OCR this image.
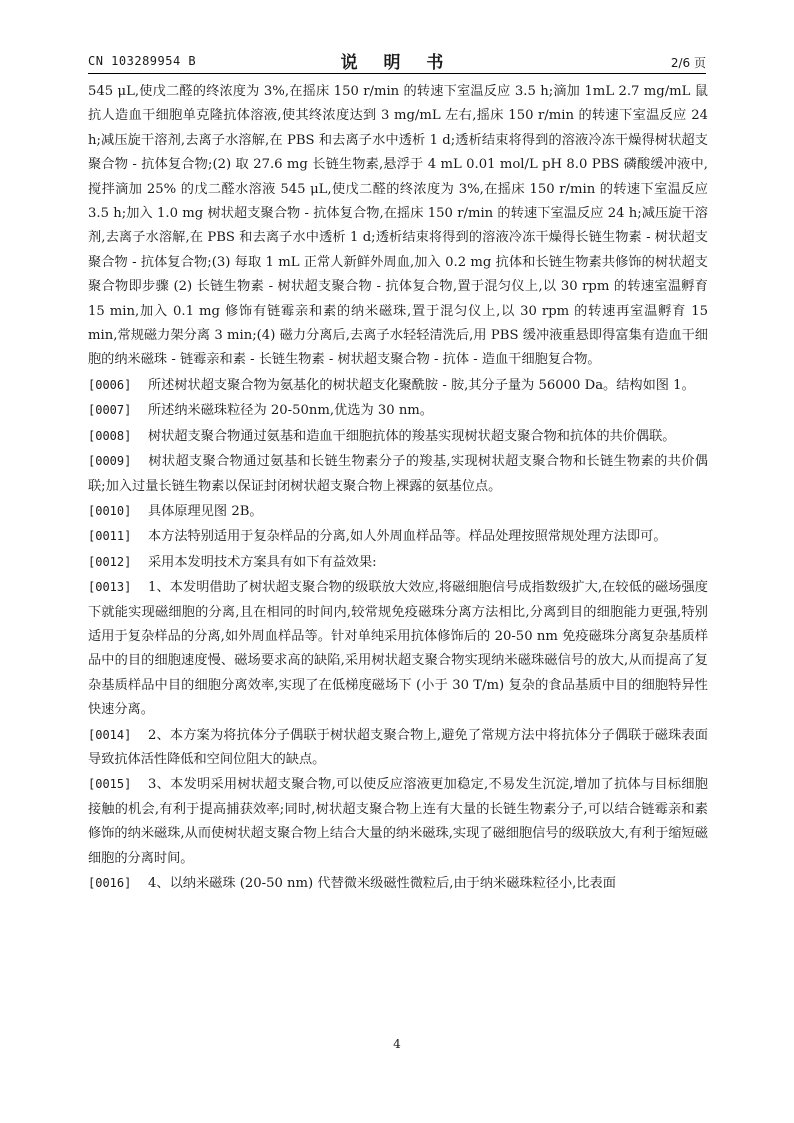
CN 103289954 B	说 明 书	2/6 页

545 μL,使戊二醛的终浓度为 3%,在摇床 150 r/min 的转速下室温反应 3.5 h;滴加 1mL 2.7 mg/mL 鼠抗人造血干细胞单克隆抗体溶液,使其终浓度达到 3 mg/mL 左右,摇床 150 r/min 的转速下室温反应 24 h;减压旋干溶剂,去离子水溶解,在 PBS 和去离子水中透析 1 d;透析结束将得到的溶液冷冻干燥得树状超支聚合物 - 抗体复合物;(2) 取 27.6 mg 长链生物素,悬浮于 4 mL 0.01 mol/L pH 8.0 PBS 磷酸缓冲液中,搅拌滴加 25% 的戊二醛水溶液 545 μL,使戊二醛的终浓度为 3%,在摇床 150 r/min 的转速下室温反应 3.5 h;加入 1.0 mg 树状超支聚合物 - 抗体复合物,在摇床 150 r/min 的转速下室温反应 24 h;减压旋干溶剂,去离子水溶解,在 PBS 和去离子水中透析 1 d;透析结束将得到的溶液冷冻干燥得长链生物素 - 树状超支聚合物 - 抗体复合物;(3) 每取 1 mL 正常人新鲜外周血,加入 0.2 mg 抗体和长链生物素共修饰的树状超支聚合物即步骤 (2) 长链生物素 - 树状超支聚合物 - 抗体复合物,置于混匀仪上,以 30 rpm 的转速室温孵育 15 min,加入 0.1 mg 修饰有链霉亲和素的纳米磁珠,置于混匀仪上,以 30 rpm 的转速再室温孵育 15 min,常规磁力架分离 3 min;(4) 磁力分离后,去离子水轻轻清洗后,用 PBS 缓冲液重悬即得富集有造血干细胞的纳米磁珠 - 链霉亲和素 - 长链生物素 - 树状超支聚合物 - 抗体 - 造血干细胞复合物。

[0006] 所述树状超支聚合物为氨基化的树状超支化聚酰胺 - 胺,其分子量为 56000 Da。结构如图 1。

[0007] 所述纳米磁珠粒径为 20-50nm,优选为 30 nm。

[0008] 树状超支聚合物通过氨基和造血干细胞抗体的羧基实现树状超支聚合物和抗体的共价偶联。

[0009] 树状超支聚合物通过氨基和长链生物素分子的羧基,实现树状超支聚合物和长链生物素的共价偶联;加入过量长链生物素以保证封闭树状超支聚合物上裸露的氨基位点。

[0010] 具体原理见图 2B。

[0011] 本方法特别适用于复杂样品的分离,如人外周血样品等。样品处理按照常规处理方法即可。

[0012] 采用本发明技术方案具有如下有益效果:

[0013] 1、本发明借助了树状超支聚合物的级联放大效应,将磁细胞信号成指数级扩大,在较低的磁场强度下就能实现磁细胞的分离,且在相同的时间内,较常规免疫磁珠分离方法相比,分离到目的细胞能力更强,特别适用于复杂样品的分离,如外周血样品等。针对单纯采用抗体修饰后的 20-50 nm 免疫磁珠分离复杂基质样品中的目的细胞速度慢、磁场要求高的缺陷,采用树状超支聚合物实现纳米磁珠磁信号的放大,从而提高了复杂基质样品中目的细胞分离效率,实现了在低梯度磁场下 (小于 30 T/m) 复杂的食品基质中目的细胞特异性快速分离。

[0014] 2、本方案为将抗体分子偶联于树状超支聚合物上,避免了常规方法中将抗体分子偶联于磁珠表面导致抗体活性降低和空间位阻大的缺点。

[0015] 3、本发明采用树状超支聚合物,可以使反应溶液更加稳定,不易发生沉淀,增加了抗体与目标细胞接触的机会,有利于提高捕获效率;同时,树状超支聚合物上连有大量的长链生物素分子,可以结合链霉亲和素修饰的纳米磁珠,从而使树状超支聚合物上结合大量的纳米磁珠,实现了磁细胞信号的级联放大,有利于缩短磁细胞的分离时间。

[0016] 4、以纳米磁珠 (20-50 nm) 代替微米级磁性微粒后,由于纳米磁珠粒径小,比表面

4
